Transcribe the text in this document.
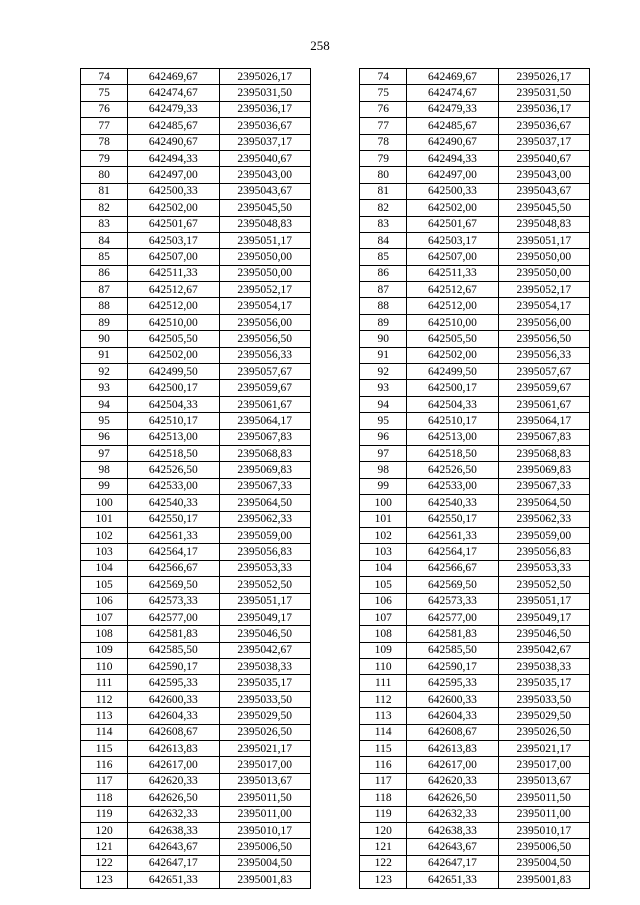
258
74	642469,67	2395026,17		74	642469,67	2395026,17
75	642474,67	2395031,50		75	642474,67	2395031,50
76	642479,33	2395036,17		76	642479,33	2395036,17
77	642485,67	2395036,67		77	642485,67	2395036,67
78	642490,67	2395037,17		78	642490,67	2395037,17
79	642494,33	2395040,67		79	642494,33	2395040,67
80	642497,00	2395043,00		80	642497,00	2395043,00
81	642500,33	2395043,67		81	642500,33	2395043,67
82	642502,00	2395045,50		82	642502,00	2395045,50
83	642501,67	2395048,83		83	642501,67	2395048,83
84	642503,17	2395051,17		84	642503,17	2395051,17
85	642507,00	2395050,00		85	642507,00	2395050,00
86	642511,33	2395050,00		86	642511,33	2395050,00
87	642512,67	2395052,17		87	642512,67	2395052,17
88	642512,00	2395054,17		88	642512,00	2395054,17
89	642510,00	2395056,00		89	642510,00	2395056,00
90	642505,50	2395056,50		90	642505,50	2395056,50
91	642502,00	2395056,33		91	642502,00	2395056,33
92	642499,50	2395057,67		92	642499,50	2395057,67
93	642500,17	2395059,67		93	642500,17	2395059,67
94	642504,33	2395061,67		94	642504,33	2395061,67
95	642510,17	2395064,17		95	642510,17	2395064,17
96	642513,00	2395067,83		96	642513,00	2395067,83
97	642518,50	2395068,83		97	642518,50	2395068,83
98	642526,50	2395069,83		98	642526,50	2395069,83
99	642533,00	2395067,33		99	642533,00	2395067,33
100	642540,33	2395064,50		100	642540,33	2395064,50
101	642550,17	2395062,33		101	642550,17	2395062,33
102	642561,33	2395059,00		102	642561,33	2395059,00
103	642564,17	2395056,83		103	642564,17	2395056,83
104	642566,67	2395053,33		104	642566,67	2395053,33
105	642569,50	2395052,50		105	642569,50	2395052,50
106	642573,33	2395051,17		106	642573,33	2395051,17
107	642577,00	2395049,17		107	642577,00	2395049,17
108	642581,83	2395046,50		108	642581,83	2395046,50
109	642585,50	2395042,67		109	642585,50	2395042,67
110	642590,17	2395038,33		110	642590,17	2395038,33
111	642595,33	2395035,17		111	642595,33	2395035,17
112	642600,33	2395033,50		112	642600,33	2395033,50
113	642604,33	2395029,50		113	642604,33	2395029,50
114	642608,67	2395026,50		114	642608,67	2395026,50
115	642613,83	2395021,17		115	642613,83	2395021,17
116	642617,00	2395017,00		116	642617,00	2395017,00
117	642620,33	2395013,67		117	642620,33	2395013,67
118	642626,50	2395011,50		118	642626,50	2395011,50
119	642632,33	2395011,00		119	642632,33	2395011,00
120	642638,33	2395010,17		120	642638,33	2395010,17
121	642643,67	2395006,50		121	642643,67	2395006,50
122	642647,17	2395004,50		122	642647,17	2395004,50
123	642651,33	2395001,83		123	642651,33	2395001,83
